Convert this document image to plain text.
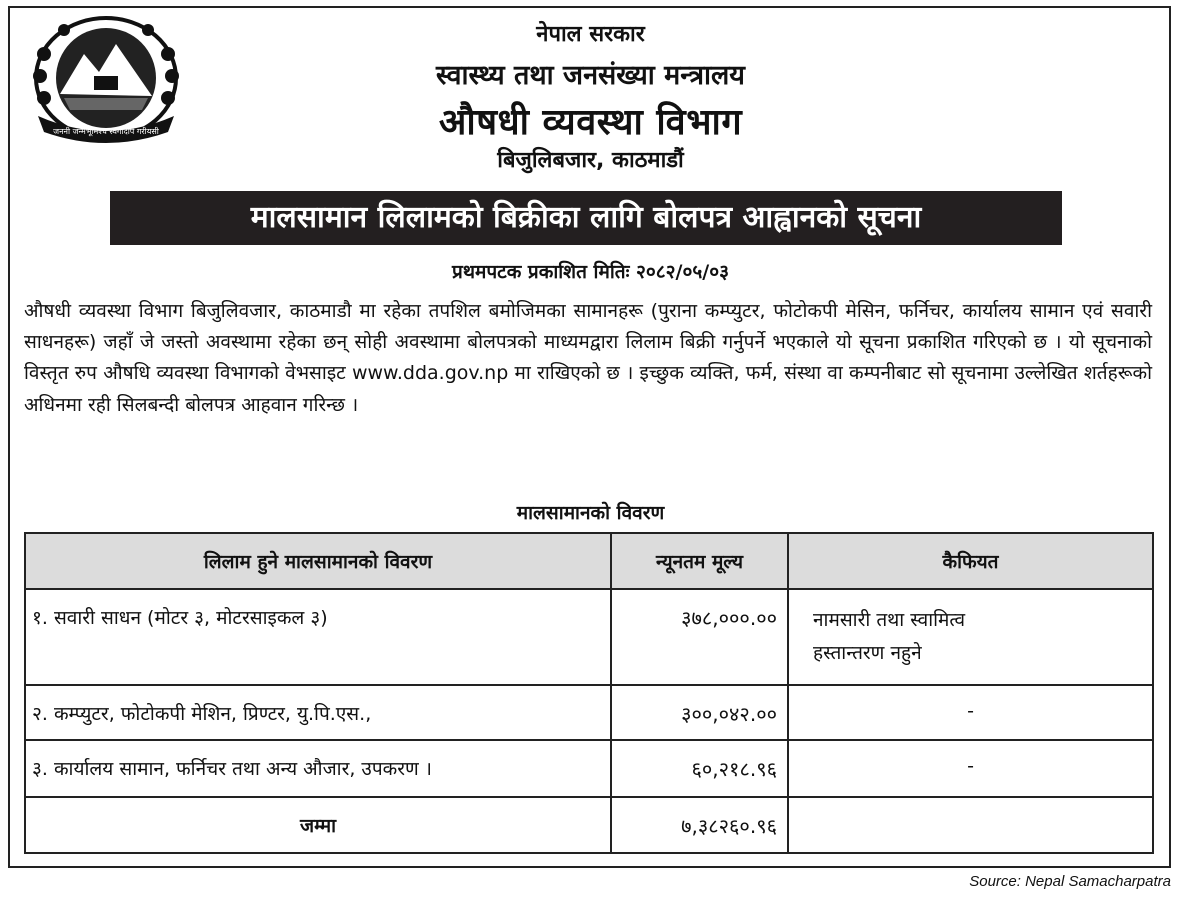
जननी जन्मभूमिश्च स्वर्गादपि गरीयसी
नेपाल सरकार
स्वास्थ्य तथा जनसंख्या मन्त्रालय
औषधी व्यवस्था विभाग
बिजुलिबजार, काठमाडौं
मालसामान लिलामको बिक्रीका लागि बोलपत्र आह्वानको सूचना
प्रथमपटक प्रकाशित मितिः २०८२/०५/०३

औषधी व्यवस्था विभाग बिजुलिवजार, काठमाडौ मा रहेका तपशिल बमोजिमका सामानहरू (पुराना कम्प्युटर, फोटोकपी मेसिन, फर्निचर, कार्यालय सामान एवं सवारी साधनहरू) जहाँ जे जस्तो अवस्थामा रहेका छन् सोही अवस्थामा बोलपत्रको माध्यमद्वारा लिलाम बिक्री गर्नुपर्ने भएकाले यो सूचना प्रकाशित गरिएको छ । यो सूचनाको विस्तृत रुप औषधि व्यवस्था विभागको वेभसाइट www.dda.gov.np मा राखिएको छ । इच्छुक व्यक्ति, फर्म, संस्था वा कम्पनीबाट सो सूचनामा उल्लेखित शर्तहरूको अधिनमा रही सिलबन्दी बोलपत्र आहवान गरिन्छ ।

मालसामानको विवरण
लिलाम हुने मालसामानको विवरण	न्यूनतम मूल्य	कैफियत
१. सवारी साधन (मोटर ३, मोटरसाइकल ३)	३७८,०००.००	नामसारी तथा स्वामित्व
हस्तान्तरण नहुने

२. कम्प्युटर, फोटोकपी मेशिन, प्रिण्टर, यु.पि.एस.,	३००,०४२.००	-
३. कार्यालय सामान, फर्निचर तथा अन्य औजार, उपकरण ।	६०,२१८.९६	-
जम्मा	७,३८२६०.९६	
Source: Nepal Samacharpatra
